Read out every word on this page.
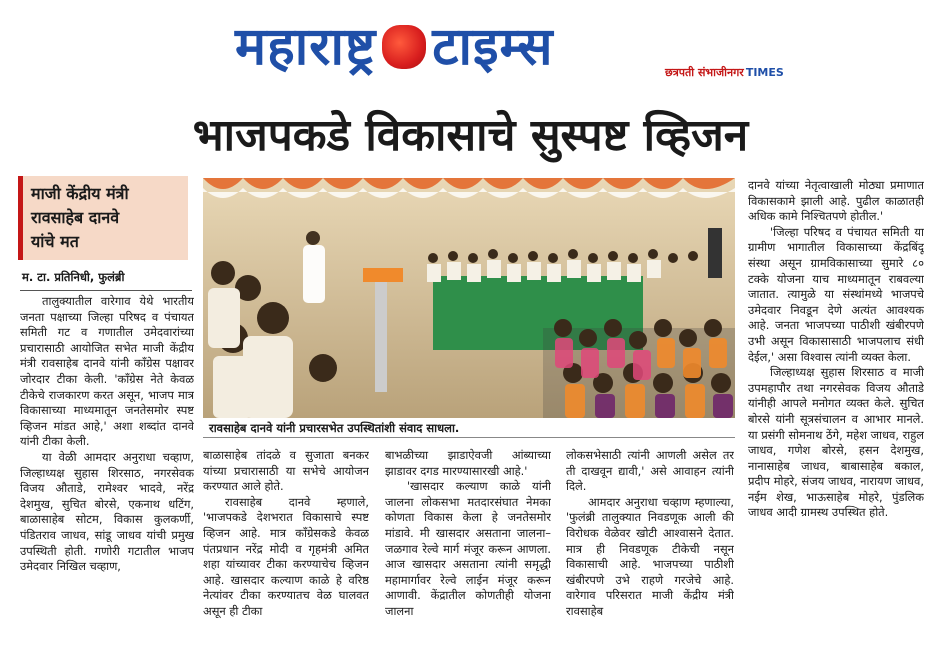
महाराष्ट्र टाइम्स	छत्रपती संभाजीनगर TIMES
भाजपकडे विकासाचे सुस्पष्ट व्हिजन
माजी केंद्रीय मंत्री
रावसाहेब दानवे
यांचे मत
म. टा. प्रतिनिधी, फुलंब्री

तालुक्यातील वारेगाव येथे भारतीय जनता पक्षाच्या जिल्हा परिषद व पंचायत समिती गट व गणातील उमेदवारांच्या प्रचारासाठी आयोजित सभेत माजी केंद्रीय मंत्री रावसाहेब दानवे यांनी काँग्रेस पक्षावर जोरदार टीका केली. 'काँग्रेस नेते केवळ टीकेचे राजकारण करत असून, भाजप मात्र विकासाच्या माध्यमातून जनतेसमोर स्पष्ट व्हिजन मांडत आहे,' अशा शब्दांत दानवे यांनी टीका केली.

या वेळी आमदार अनुराधा चव्हाण, जिल्हाध्यक्ष सुहास शिरसाठ, नगरसेवक विजय औताडे, रामेश्वर भादवे, नरेंद्र देशमुख, सुचित बोरसे, एकनाथ धटिंग, बाळासाहेब सोटम, विकास कुलकर्णी, पंडितराव जाधव, सांडू जाधव यांची प्रमुख उपस्थिती होती. गणोरी गटातील भाजप उमेदवार निखिल चव्हाण,

रावसाहेब दानवे यांनी प्रचारसभेत उपस्थितांशी संवाद साधला.

बाळासाहेब तांदळे व सुजाता बनकर यांच्या प्रचारासाठी या सभेचे आयोजन करण्यात आले होते.

रावसाहेब दानवे म्हणाले, 'भाजपकडे देशभरात विकासाचे स्पष्ट व्हिजन आहे. मात्र काँग्रेसकडे केवळ पंतप्रधान नरेंद्र मोदी व गृहमंत्री अमित शहा यांच्यावर टीका करण्याचेच व्हिजन आहे. खासदार कल्याण काळे हे वरिष्ठ नेत्यांवर टीका करण्यातच वेळ घालवत असून ही टीका

बाभळीच्या झाडाऐवजी आंब्याच्या झाडावर दगड मारण्यासारखी आहे.'

'खासदार कल्याण काळे यांनी जालना लोकसभा मतदारसंघात नेमका कोणता विकास केला हे जनतेसमोर मांडावे. मी खासदार असताना जालना–जळगाव रेल्वे मार्ग मंजूर करून आणला. आज खासदार असताना त्यांनी समृद्धी महामार्गावर रेल्वे लाईन मंजूर करून आणावी. केंद्रातील कोणतीही योजना जालना

लोकसभेसाठी त्यांनी आणली असेल तर ती दाखवून द्यावी,' असे आवाहन त्यांनी दिले.

आमदार अनुराधा चव्हाण म्हणाल्या, 'फुलंब्री तालुक्यात निवडणूक आली की विरोधक वेळेवर खोटी आश्वासने देतात. मात्र ही निवडणूक टीकेची नसून विकासाची आहे. भाजपच्या पाठीशी खंबीरपणे उभे राहणे गरजेचे आहे. वारेगाव परिसरात माजी केंद्रीय मंत्री रावसाहेब

दानवे यांच्या नेतृत्वाखाली मोठ्या प्रमाणात विकासकामे झाली आहे. पुढील काळातही अधिक कामे निश्चितपणे होतील.'

'जिल्हा परिषद व पंचायत समिती या ग्रामीण भागातील विकासाच्या केंद्रबिंदू संस्था असून ग्रामविकासाच्या सुमारे ८० टक्के योजना याच माध्यमातून राबवल्या जातात. त्यामुळे या संस्थांमध्ये भाजपचे उमेदवार निवडून देणे अत्यंत आवश्यक आहे. जनता भाजपच्या पाठीशी खंबीरपणे उभी असून विकासासाठी भाजपलाच संधी देईल,' असा विश्वास त्यांनी व्यक्त केला.

जिल्हाध्यक्ष सुहास शिरसाठ व माजी उपमहापौर तथा नगरसेवक विजय औताडे यांनीही आपले मनोगत व्यक्त केले. सुचित बोरसे यांनी सूत्रसंचालन व आभार मानले. या प्रसंगी सोमनाथ ठेंगे, महेश जाधव, राहुल जाधव, गणेश बोरसे, हसन देशमुख, नानासाहेब जाधव, बाबासाहेब बकाल, प्रदीप मोहरे, संजय जाधव, नारायण जाधव, नईम शेख, भाऊसाहेब मोहरे, पुंडलिक जाधव आदी ग्रामस्थ उपस्थित होते.
